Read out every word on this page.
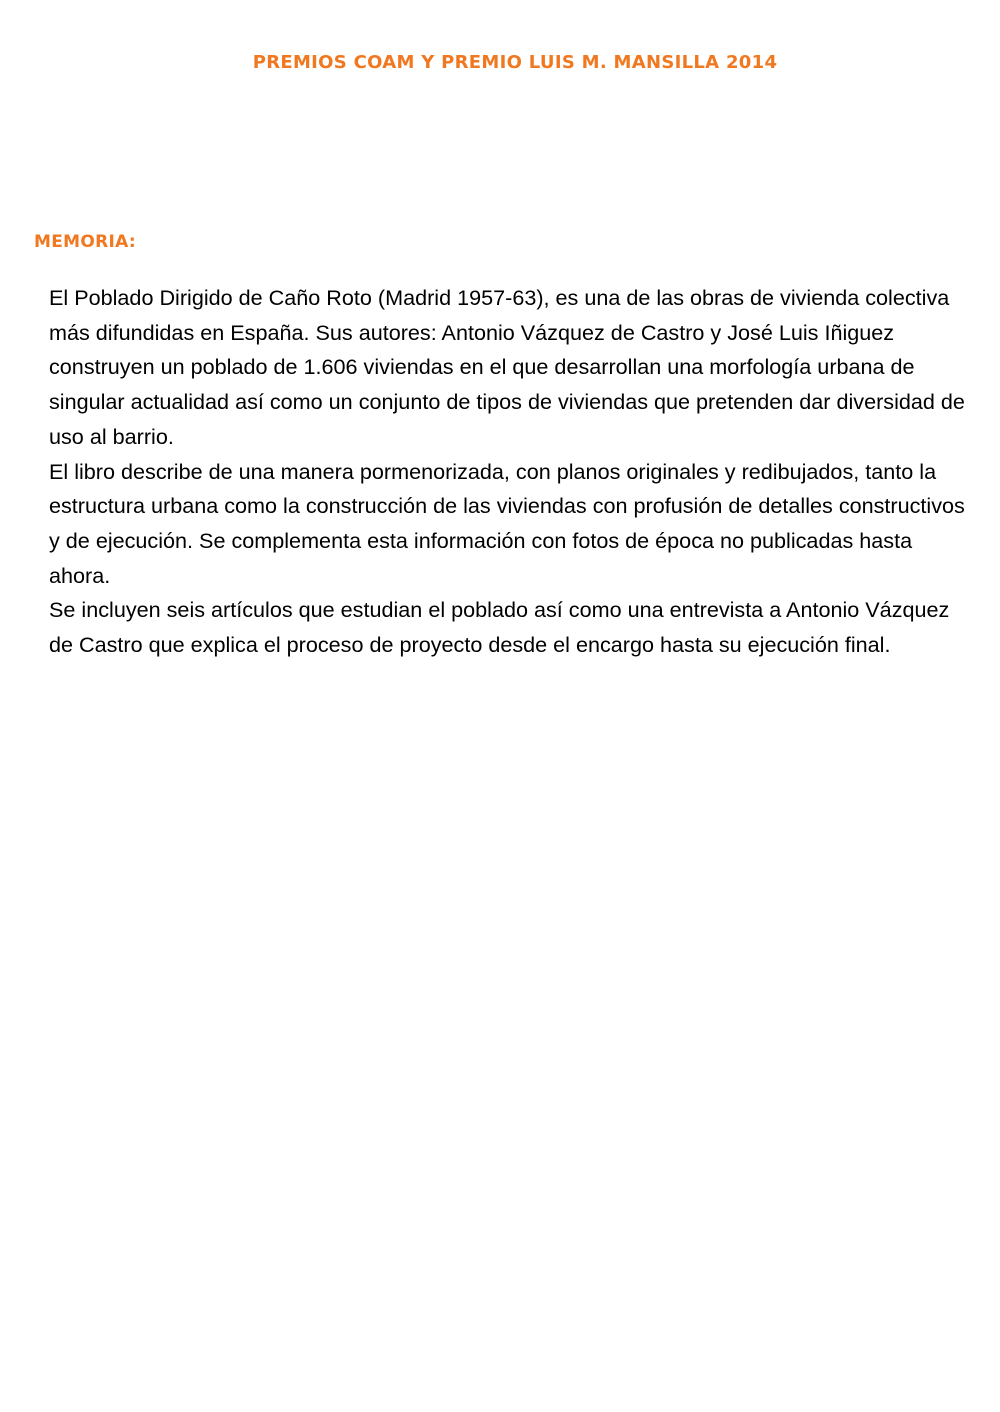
PREMIOS COAM Y PREMIO LUIS M. MANSILLA 2014
MEMORIA:

El Poblado Dirigido de Caño Roto (Madrid 1957-63), es una de las obras de vivienda colectiva más difundidas en España. Sus autores: Antonio Vázquez de Castro y José Luis Iñiguez construyen un poblado de 1.606 viviendas en el que desarrollan una morfología urbana de singular actualidad así como un conjunto de tipos de viviendas que pretenden dar diversidad de uso al barrio.

El libro describe de una manera pormenorizada, con planos originales y redibujados, tanto la estructura urbana como la construcción de las viviendas con profusión de detalles constructivos y de ejecución. Se complementa esta información con fotos de época no publicadas hasta ahora.

Se incluyen seis artículos que estudian el poblado así como una entrevista a Antonio Vázquez de Castro que explica el proceso de proyecto desde el encargo hasta su ejecución final.
